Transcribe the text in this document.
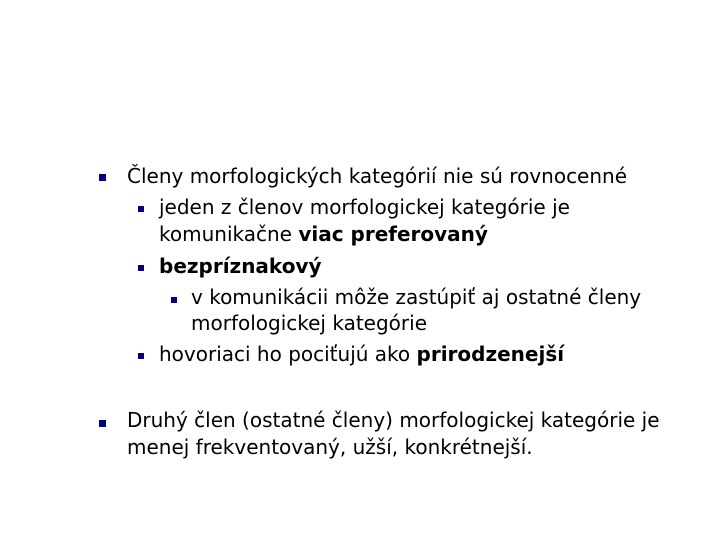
Členy morfologických kategórií nie sú rovnocenné
jeden z členov morfologickej kategórie je
komunikačne viac preferovaný
bezpríznakový
v komunikácii môže zastúpiť aj ostatné členy
morfologickej kategórie
hovoriaci ho pociťujú ako prirodzenejší
Druhý člen (ostatné členy) morfologickej kategórie je
menej frekventovaný, užší, konkrétnejší.
